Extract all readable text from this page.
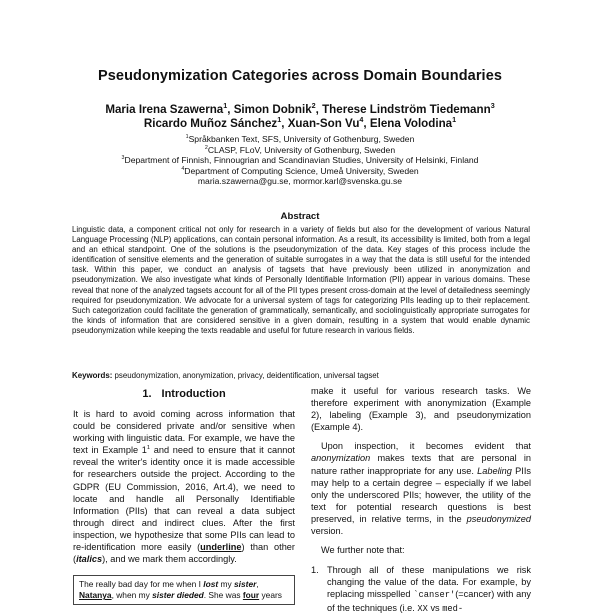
Pseudonymization Categories across Domain Boundaries
Maria Irena Szawerna$^1$, Simon Dobnik$^2$, Therese Lindström Tiedemann$^3$
Ricardo Muñoz Sánchez$^1$, Xuan-Son Vu$^4$, Elena Volodina$^1$
$^1$Språkbanken Text, SFS, University of Gothenburg, Sweden
$^2$CLASP, FLoV, University of Gothenburg, Sweden
$^3$Department of Finnish, Finnougrian and Scandinavian Studies, University of Helsinki, Finland
$^4$Department of Computing Science, Umeå University, Sweden
maria.szawerna@gu.se, mormor.karl@svenska.gu.se
Abstract
Linguistic data, a component critical not only for research in a variety of fields but also for the development of various Natural Language Processing (NLP) applications, can contain personal information. As a result, its accessibility is limited, both from a legal and an ethical standpoint. One of the solutions is the pseudonymization of the data. Key stages of this process include the identification of sensitive elements and the generation of suitable surrogates in a way that the data is still useful for the intended task. Within this paper, we conduct an analysis of tagsets that have previously been utilized in anonymization and pseudonymization. We also investigate what kinds of Personally Identifiable Information (PII) appear in various domains. These reveal that none of the analyzed tagsets account for all of the PII types present cross-domain at the level of detailedness seemingly required for pseudonymization. We advocate for a universal system of tags for categorizing PIIs leading up to their replacement. Such categorization could facilitate the generation of grammatically, semantically, and sociolinguistically appropriate surrogates for the kinds of information that are considered sensitive in a given domain, resulting in a system that would enable dynamic pseudonymization while keeping the texts readable and useful for future research in various fields.
Keywords: pseudonymization, anonymization, privacy, deidentification, universal tagset
1. Introduction

It is hard to avoid coming across information that could be considered private and/or sensitive when working with linguistic data. For example, we have the text in Example $1^1$ and need to ensure that it cannot reveal the writer's identity once it is made accessible for researchers outside the project. According to the GDPR (EU Commission, 2016, Art.4), we need to locate and handle all Personally Identifiable Information (PIIs) that can reveal a data subject through direct and indirect clues. After the first inspection, we hypothesize that some PIIs can lead to re-identification more easily (underline) than other (italics), and we mark them accordingly.

The really bad day for me when I lost my sister, Natanya, when my sister dieded. She was four years

make it useful for various research tasks. We therefore experiment with anonymization (Example 2), labeling (Example 3), and pseudonymization (Example 4).

Upon inspection, it becomes evident that anonymization makes texts that are personal in nature rather inappropriate for any use. Labeling PIIs may help to a certain degree – especially if we label only the underscored PIIs; however, the utility of the text for potential research questions is best preserved, in relative terms, in the pseudonymized version.

We further note that:

1. Through all of these manipulations we risk changing the value of the data. For example, by replacing misspelled `canser'(=cancer) with any of the techniques (i.e. XX vs med-
